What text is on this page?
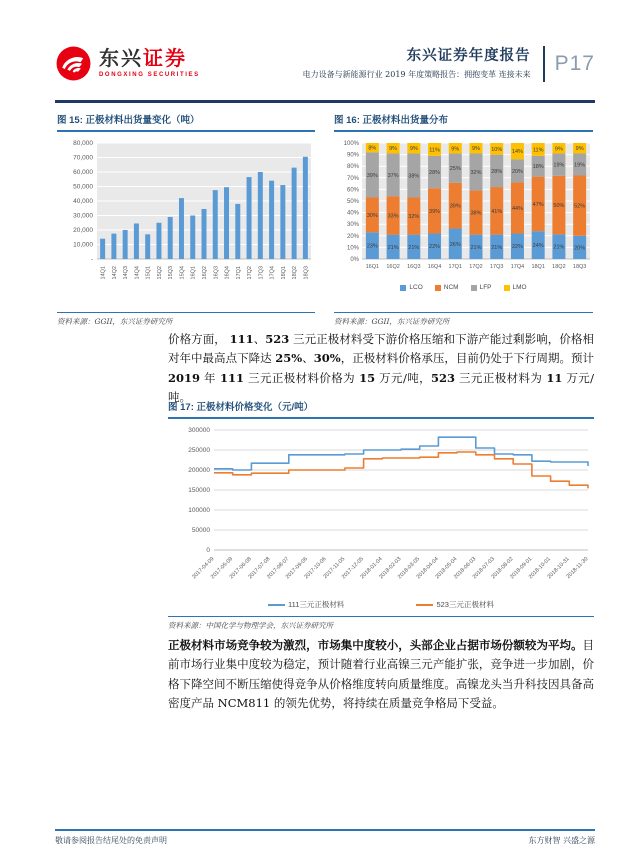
东兴证券
DONGXING SECURITIES
东兴证券年度报告
电力设备与新能源行业 2019 年度策略报告：拥抱变革 连接未来 P17
图 15: 正极材料出货量变化（吨）
-
10,000
20,000
30,000
40,000
50,000
60,000
70,000
80,000
14Q1 14Q2 14Q3 14Q4 15Q1 15Q2 15Q3 15Q4 16Q1 16Q2 16Q3 16Q4 17Q1 17Q2 17Q3 17Q4 18Q1 18Q2 18Q3
资料来源：GGII，东兴证券研究所
图 16: 正极材料出货量分布
0%
10%
20%
30%
40%
50%
60%
70%
80%
90%
100%
23%
30%
39%
8%
16Q1
21%
33%
37%
9%
16Q2
21%
32%
38%
9%
16Q3
22%
39%
28%
11%
16Q4
26%
39%
25%
9%
17Q1
21%
38%
32%
9%
17Q2
21%
41%
28%
10%
17Q3
22%
44%
20%
14%
17Q4
24%
47%
18%
11%
18Q1
21%
50%
19%
9%
18Q2
20%
52%
19%
9%
18Q3
LCO	NCM	LFP	LMO
资料来源：GGII，东兴证券研究所
价格方面， 111、523 三元正极材料受下游价格压缩和下游产能过剩影响，价格相对年中最高点下降达 25%、30%，正极材料价格承压，目前仍处于下行周期。预计 2019 年 111 三元正极材料价格为 15 万元/吨，523 三元正极材料为 11 万元/吨。
图 17: 正极材料价格变化（元/吨）
0
50000
100000
150000
200000
250000
300000
2017-04-09
2017-05-09
2017-06-08
2017-07-08
2017-08-07
2017-09-06
2017-10-06
2017-11-05
2017-12-05
2018-01-04
2018-02-03
2018-03-05
2018-04-04
2018-05-04
2018-06-03
2018-07-03
2018-08-02
2018-09-01
2018-10-01
2018-10-31
2018-11-30
111三元正极材料	523三元正极材料
资料来源：中国化学与物理学会，东兴证券研究所
正极材料市场竞争较为激烈，市场集中度较小，头部企业占据市场份额较为平均。目前市场行业集中度较为稳定，预计随着行业高镍三元产能扩张，竞争进一步加剧，价格下降空间不断压缩使得竞争从价格维度转向质量维度。高镍龙头当升科技因具备高密度产品 NCM811 的领先优势，将持续在质量竞争格局下受益。
敬请参阅报告结尾处的免责声明	东方财智 兴盛之源
